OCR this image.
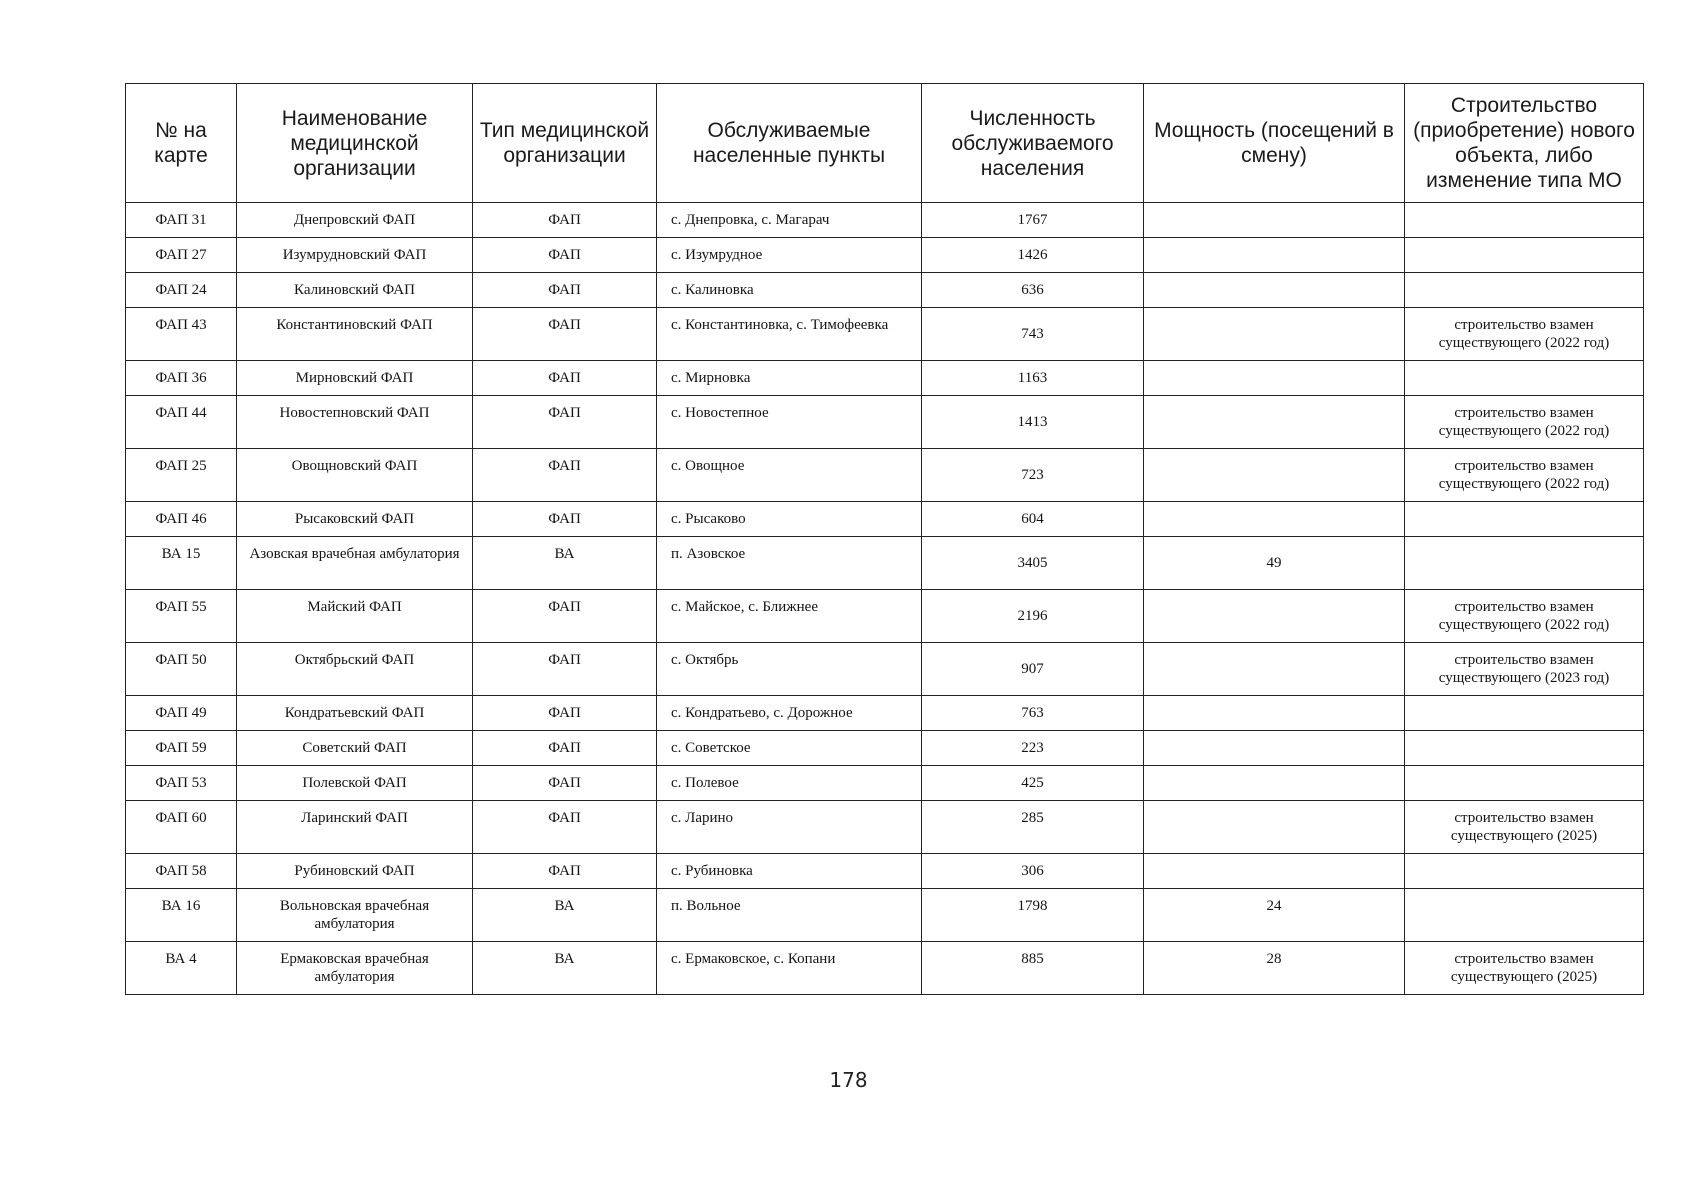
№ на карте	Наименование медицинской организации	Тип медицинской организации	Обслуживаемые населенные пункты	Численность обслуживаемого населения	Мощность (посещений в смену)	Строительство (приобретение) нового объекта, либо изменение типа МО
ФАП 31	Днепровский ФАП	ФАП	с. Днепровка, с. Магарач	1767		
ФАП 27	Изумрудновский ФАП	ФАП	с. Изумрудное	1426		
ФАП 24	Калиновский ФАП	ФАП	с. Калиновка	636		
ФАП 43	Константиновский ФАП	ФАП	с. Константиновка, с. Тимофеевка	743		строительство взамен существующего (2022 год)
ФАП 36	Мирновский ФАП	ФАП	с. Мирновка	1163		
ФАП 44	Новостепновский ФАП	ФАП	с. Новостепное	1413		строительство взамен существующего (2022 год)
ФАП 25	Овощновский ФАП	ФАП	с. Овощное	723		строительство взамен существующего (2022 год)
ФАП 46	Рысаковский ФАП	ФАП	с. Рысаково	604		
ВА 15	Азовская врачебная амбулатория	ВА	п. Азовское	3405	49	
ФАП 55	Майский ФАП	ФАП	с. Майское, с. Ближнее	2196		строительство взамен существующего (2022 год)
ФАП 50	Октябрьский ФАП	ФАП	с. Октябрь	907		строительство взамен существующего (2023 год)
ФАП 49	Кондратьевский ФАП	ФАП	с. Кондратьево, с. Дорожное	763		
ФАП 59	Советский ФАП	ФАП	с. Советское	223		
ФАП 53	Полевской ФАП	ФАП	с. Полевое	425		
ФАП 60	Ларинский ФАП	ФАП	с. Ларино	285		строительство взамен существующего (2025)
ФАП 58	Рубиновский ФАП	ФАП	с. Рубиновка	306		
ВА 16	Вольновская врачебная амбулатория	ВА	п. Вольное	1798	24	
ВА 4	Ермаковская врачебная амбулатория	ВА	с. Ермаковское, с. Копани	885	28	строительство взамен существующего (2025)
178
